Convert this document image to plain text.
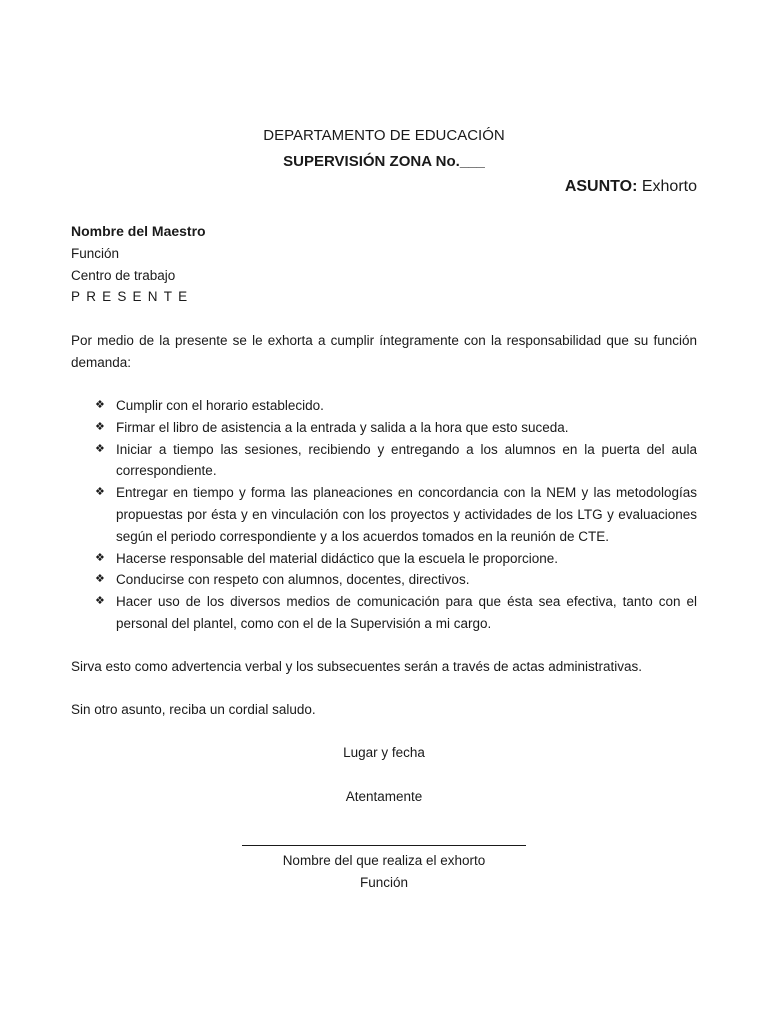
DEPARTAMENTO DE EDUCACIÓN
SUPERVISIÓN ZONA No.___
ASUNTO: Exhorto
Nombre del Maestro
Función
Centro de trabajo
PRESENTE
Por medio de la presente se le exhorta a cumplir íntegramente con la responsabilidad que su función demanda:
❖ Cumplir con el horario establecido.
❖ Firmar el libro de asistencia a la entrada y salida a la hora que esto suceda.
❖ Iniciar a tiempo las sesiones, recibiendo y entregando a los alumnos en la puerta del aula correspondiente.
❖ Entregar en tiempo y forma las planeaciones en concordancia con la NEM y las metodologías propuestas por ésta y en vinculación con los proyectos y actividades de los LTG y evaluaciones según el periodo correspondiente y a los acuerdos tomados en la reunión de CTE.
❖ Hacerse responsable del material didáctico que la escuela le proporcione.
❖ Conducirse con respeto con alumnos, docentes, directivos.
❖ Hacer uso de los diversos medios de comunicación para que ésta sea efectiva, tanto con el personal del plantel, como con el de la Supervisión a mi cargo.
Sirva esto como advertencia verbal y los subsecuentes serán a través de actas administrativas.
Sin otro asunto, reciba un cordial saludo.
Lugar y fecha
Atentamente
Nombre del que realiza el exhorto
Función
